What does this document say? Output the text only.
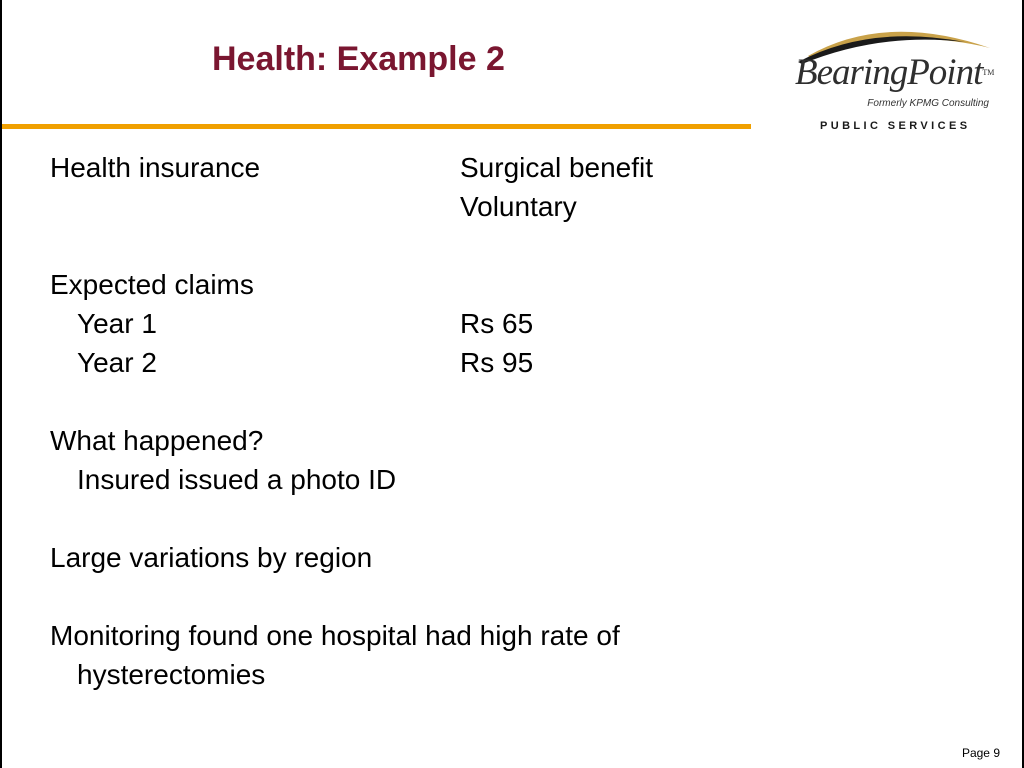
Health: Example 2	BearingPoint™
Formerly KPMG Consulting
PUBLIC SERVICES
Health insurance	Surgical benefit
Voluntary
Expected claims
Year 1	Rs 65
Year 2	Rs 95
What happened?
Insured issued a photo ID
Large variations by region
Monitoring found one hospital had high rate of
hysterectomies
Page 9
